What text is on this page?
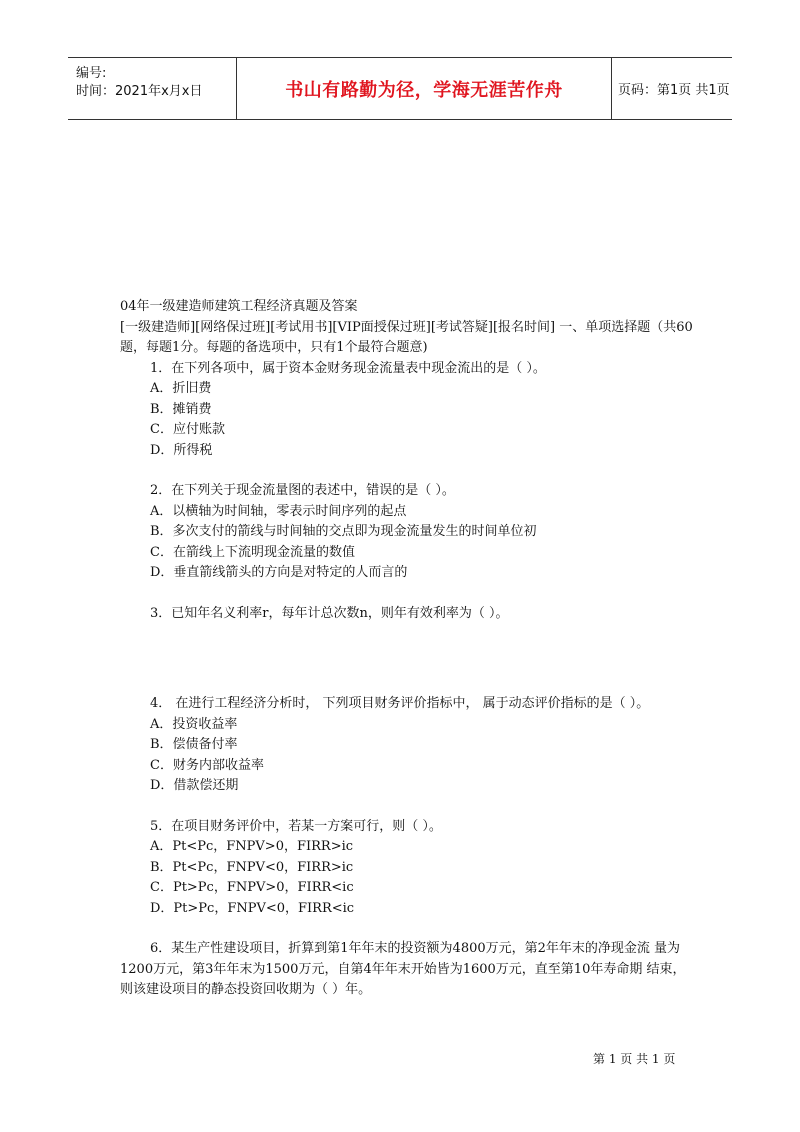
编号:
时间：2021年x月x日	书山有路勤为径，学海无涯苦作舟	页码：第1页 共1页

04年一级建造师建筑工程经济真题及答案

[一级建造师][网络保过班][考试用书][VIP面授保过班][考试答疑][报名时间] 一、单项选择题（共60题，每题1分。每题的备选项中，只有1个最符合题意)

1．在下列各项中，属于资本金财务现金流量表中现金流出的是（ ）。

A．折旧费

B．摊销费

C．应付账款

D．所得税

2．在下列关于现金流量图的表述中，错误的是（ ）。

A．以横轴为时间轴，零表示时间序列的起点

B．多次支付的箭线与时间轴的交点即为现金流量发生的时间单位初

C．在箭线上下流明现金流量的数值

D．垂直箭线箭头的方向是对特定的人而言的

3．已知年名义利率r，每年计总次数n，则年有效利率为（ ）。

4． 在进行工程经济分析时， 下列项目财务评价指标中， 属于动态评价指标的是（ ）。

A．投资收益率

B．偿债备付率

C．财务内部收益率

D．借款偿还期

5．在项目财务评价中，若某一方案可行，则（ ）。

A．Pt<Pc，FNPV>0，FIRR>ic

B．Pt<Pc，FNPV<0，FIRR>ic

C．Pt>Pc，FNPV>0，FIRR<ic

D．Pt>Pc，FNPV<0，FIRR<ic

6．某生产性建设项目，折算到第1年年末的投资额为4800万元，第2年年末的净现金流 量为1200万元，第3年年末为1500万元，自第4年年末开始皆为1600万元，直至第10年寿命期 结束，则该建设项目的静态投资回收期为（ ）年。

第 1 页 共 1 页
